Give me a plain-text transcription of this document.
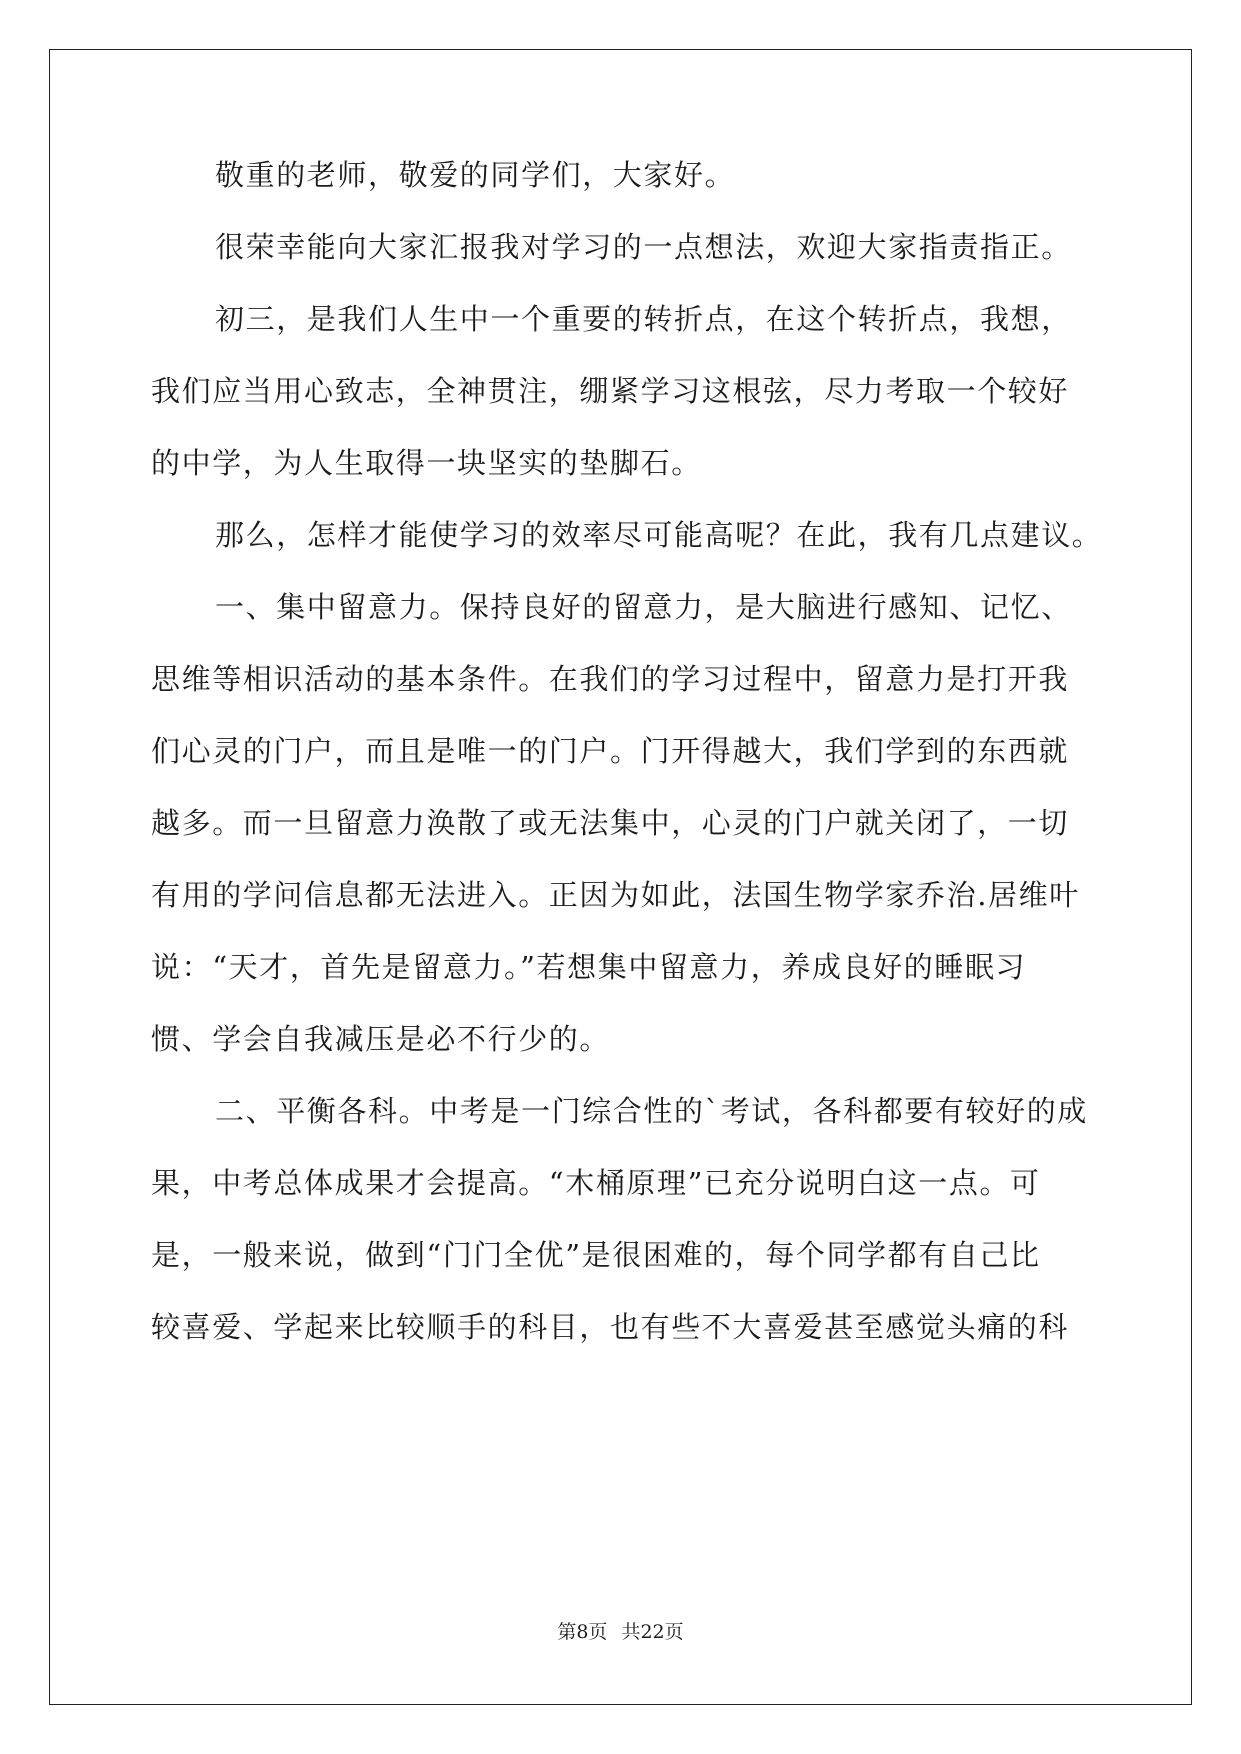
敬重的老师，敬爱的同学们，大家好。

很荣幸能向大家汇报我对学习的一点想法，欢迎大家指责指正。

初三，是我们人生中一个重要的转折点，在这个转折点，我想，

我们应当用心致志，全神贯注，绷紧学习这根弦，尽力考取一个较好

的中学，为人生取得一块坚实的垫脚石。

那么，怎样才能使学习的效率尽可能高呢？在此，我有几点建议。

一、集中留意力。保持良好的留意力，是大脑进行感知、记忆、

思维等相识活动的基本条件。在我们的学习过程中，留意力是打开我

们心灵的门户，而且是唯一的门户。门开得越大，我们学到的东西就

越多。而一旦留意力涣散了或无法集中，心灵的门户就关闭了，一切

有用的学问信息都无法进入。正因为如此，法国生物学家乔治.居维叶

说：“天才，首先是留意力。”若想集中留意力，养成良好的睡眠习

惯、学会自我减压是必不行少的。

二、平衡各科。中考是一门综合性的`考试，各科都要有较好的成

果，中考总体成果才会提高。“木桶原理”已充分说明白这一点。可

是，一般来说，做到“门门全优”是很困难的，每个同学都有自己比

较喜爱、学起来比较顺手的科目，也有些不大喜爱甚至感觉头痛的科

第8页 共22页
